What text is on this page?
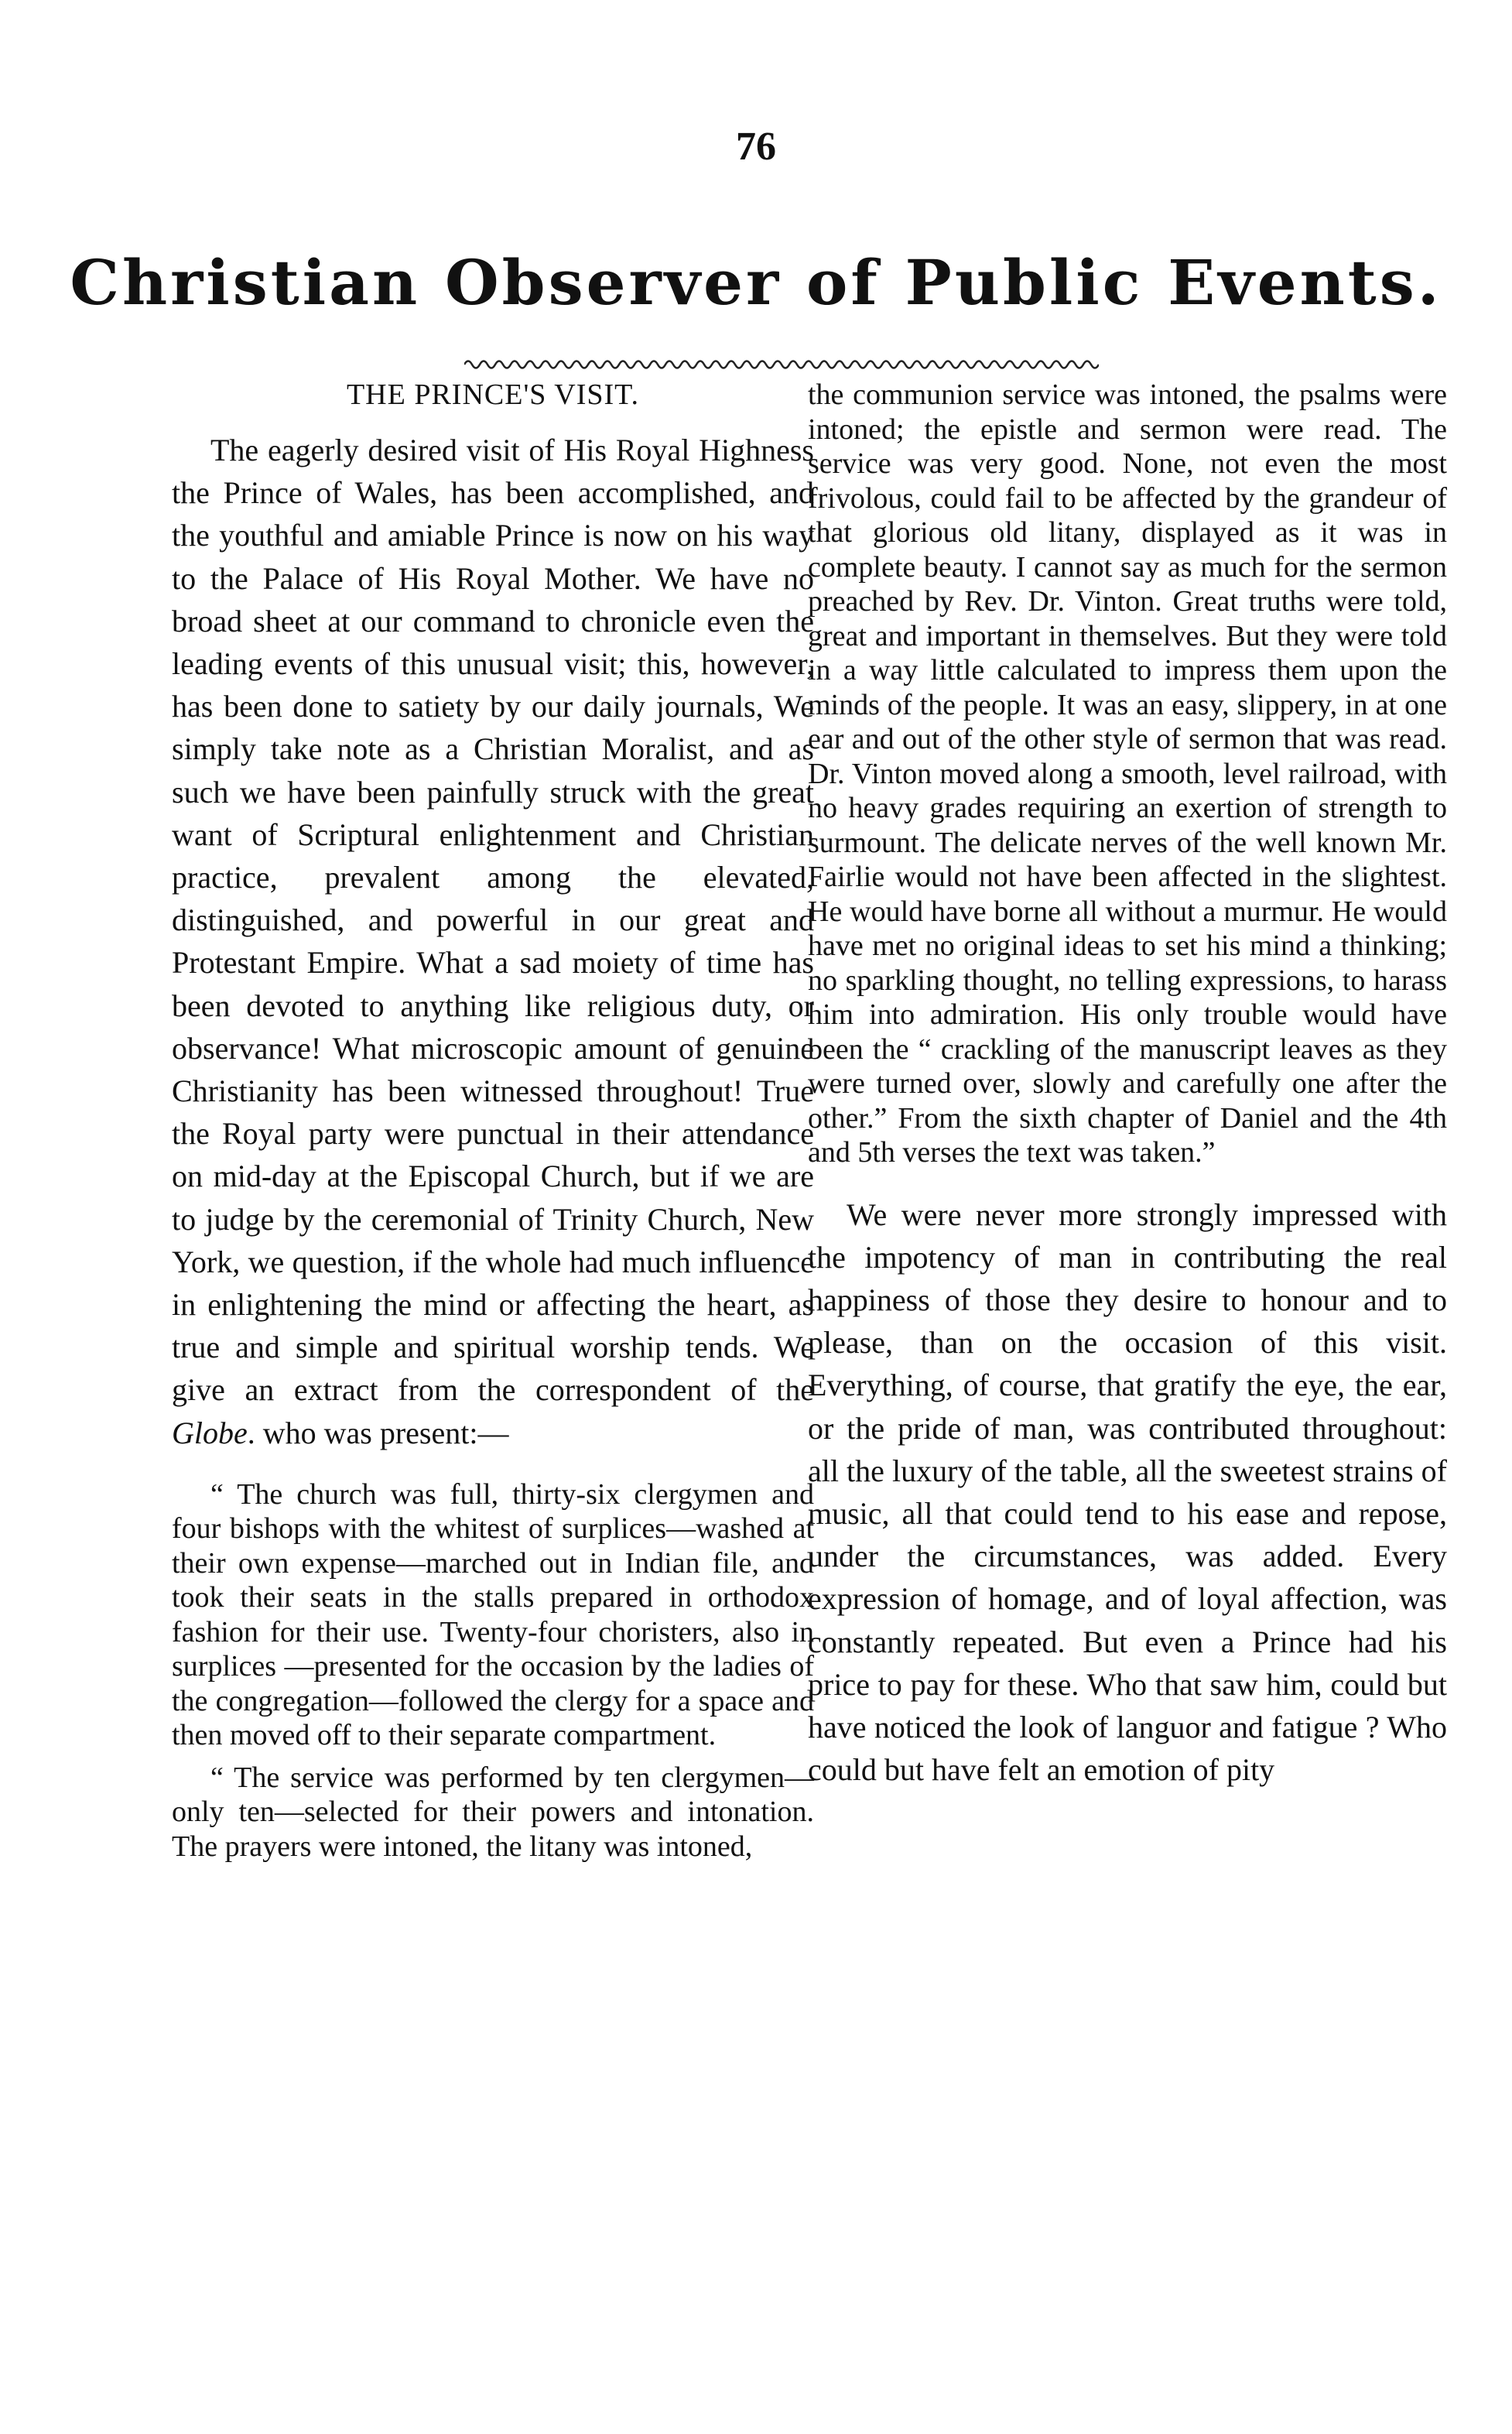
76
Christian Observer of Public Events.

THE PRINCE'S VISIT.

The eagerly desired visit of His Royal Highness the Prince of Wales, has been accomplished, and the youthful and amiable Prince is now on his way to the Palace of His Royal Mother. We have no broad sheet at our command to chronicle even the leading events of this unusual visit; this, however, has been done to satiety by our daily journals, We simply take note as a Christian Moralist, and as such we have been painfully struck with the great want of Scriptural enlightenment and Christian practice, prevalent among the elevated, distinguished, and powerful in our great and Protestant Empire. What a sad moiety of time has been devoted to anything like religious duty, or observance! What microscopic amount of genuine Christianity has been witnessed throughout! True the Royal party were punctual in their attendance on mid-day at the Episcopal Church, but if we are to judge by the ceremonial of Trinity Church, New York, we question, if the whole had much influence in enlightening the mind or affecting the heart, as true and simple and spiritual worship tends. We give an extract from the correspondent of the Globe. who was present:—

“ The church was full, thirty-six clergymen and four bishops with the whitest of surplices—washed at their own expense—marched out in Indian file, and took their seats in the stalls prepared in orthodox fashion for their use. Twenty-four choristers, also in surplices —presented for the occasion by the ladies of the congregation—followed the clergy for a space and then moved off to their separate compartment.

“ The service was performed by ten clergymen—only ten—selected for their powers and intonation. The prayers were intoned, the litany was intoned,

the communion service was intoned, the psalms were intoned; the epistle and sermon were read. The service was very good. None, not even the most frivolous, could fail to be affected by the grandeur of that glorious old litany, displayed as it was in complete beauty. I cannot say as much for the sermon preached by Rev. Dr. Vinton. Great truths were told, great and important in themselves. But they were told in a way little calculated to impress them upon the minds of the people. It was an easy, slippery, in at one ear and out of the other style of sermon that was read. Dr. Vinton moved along a smooth, level railroad, with no heavy grades requiring an exertion of strength to surmount. The delicate nerves of the well known Mr. Fairlie would not have been affected in the slightest. He would have borne all without a murmur. He would have met no original ideas to set his mind a thinking; no sparkling thought, no telling expressions, to harass him into admiration. His only trouble would have been the “ crackling of the manuscript leaves as they were turned over, slowly and carefully one after the other.” From the sixth chapter of Daniel and the 4th and 5th verses the text was taken.”

We were never more strongly impressed with the impotency of man in contributing the real happiness of those they desire to honour and to please, than on the occasion of this visit. Everything, of course, that gratify the eye, the ear, or the pride of man, was contributed throughout: all the luxury of the table, all the sweetest strains of music, all that could tend to his ease and repose, under the circumstances, was added. Every expression of homage, and of loyal affection, was constantly repeated. But even a Prince had his price to pay for these. Who that saw him, could but have noticed the look of languor and fatigue ? Who could but have felt an emotion of pity
